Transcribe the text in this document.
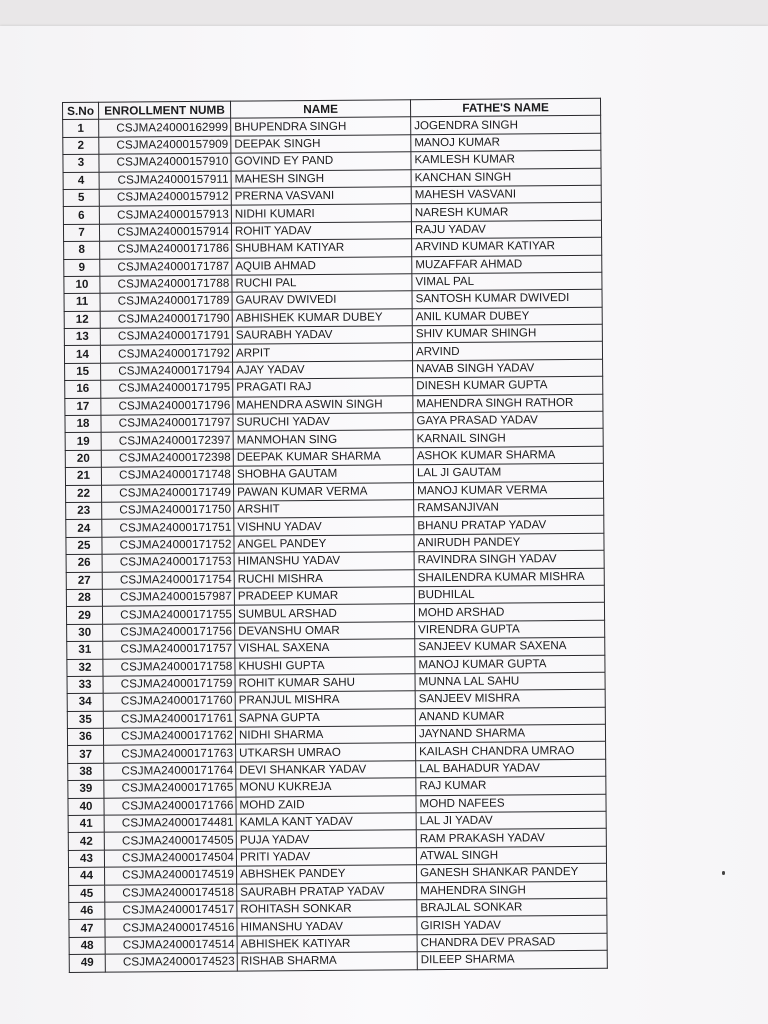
S.No	ENROLLMENT NUMB	NAME	FATHE'S NAME
1	CSJMA24000162999	BHUPENDRA SINGH	JOGENDRA SINGH
2	CSJMA24000157909	DEEPAK SINGH	MANOJ KUMAR
3	CSJMA24000157910	GOVIND EY PAND	KAMLESH KUMAR
4	CSJMA24000157911	MAHESH SINGH	KANCHAN SINGH
5	CSJMA24000157912	PRERNA VASVANI	MAHESH VASVANI
6	CSJMA24000157913	NIDHI KUMARI	NARESH KUMAR
7	CSJMA24000157914	ROHIT YADAV	RAJU YADAV
8	CSJMA24000171786	SHUBHAM KATIYAR	ARVIND KUMAR KATIYAR
9	CSJMA24000171787	AQUIB AHMAD	MUZAFFAR AHMAD
10	CSJMA24000171788	RUCHI PAL	VIMAL PAL
11	CSJMA24000171789	GAURAV DWIVEDI	SANTOSH KUMAR DWIVEDI
12	CSJMA24000171790	ABHISHEK KUMAR DUBEY	ANIL KUMAR DUBEY
13	CSJMA24000171791	SAURABH YADAV	SHIV KUMAR SHINGH
14	CSJMA24000171792	ARPIT	ARVIND
15	CSJMA24000171794	AJAY YADAV	NAVAB SINGH YADAV
16	CSJMA24000171795	PRAGATI RAJ	DINESH KUMAR GUPTA
17	CSJMA24000171796	MAHENDRA ASWIN SINGH	MAHENDRA SINGH RATHOR
18	CSJMA24000171797	SURUCHI YADAV	GAYA PRASAD YADAV
19	CSJMA24000172397	MANMOHAN SING	KARNAIL SINGH
20	CSJMA24000172398	DEEPAK KUMAR SHARMA	ASHOK KUMAR SHARMA
21	CSJMA24000171748	SHOBHA GAUTAM	LAL JI GAUTAM
22	CSJMA24000171749	PAWAN KUMAR VERMA	MANOJ KUMAR VERMA
23	CSJMA24000171750	ARSHIT	RAMSANJIVAN
24	CSJMA24000171751	VISHNU YADAV	BHANU PRATAP YADAV
25	CSJMA24000171752	ANGEL PANDEY	ANIRUDH PANDEY
26	CSJMA24000171753	HIMANSHU YADAV	RAVINDRA SINGH YADAV
27	CSJMA24000171754	RUCHI MISHRA	SHAILENDRA KUMAR MISHRA
28	CSJMA24000157987	PRADEEP KUMAR	BUDHILAL
29	CSJMA24000171755	SUMBUL ARSHAD	MOHD ARSHAD
30	CSJMA24000171756	DEVANSHU OMAR	VIRENDRA GUPTA
31	CSJMA24000171757	VISHAL SAXENA	SANJEEV KUMAR SAXENA
32	CSJMA24000171758	KHUSHI GUPTA	MANOJ KUMAR GUPTA
33	CSJMA24000171759	ROHIT KUMAR SAHU	MUNNA LAL SAHU
34	CSJMA24000171760	PRANJUL MISHRA	SANJEEV MISHRA
35	CSJMA24000171761	SAPNA GUPTA	ANAND KUMAR
36	CSJMA24000171762	NIDHI SHARMA	JAYNAND SHARMA
37	CSJMA24000171763	UTKARSH UMRAO	KAILASH CHANDRA UMRAO
38	CSJMA24000171764	DEVI SHANKAR YADAV	LAL BAHADUR YADAV
39	CSJMA24000171765	MONU KUKREJA	RAJ KUMAR
40	CSJMA24000171766	MOHD ZAID	MOHD NAFEES
41	CSJMA24000174481	KAMLA KANT YADAV	LAL JI YADAV
42	CSJMA24000174505	PUJA YADAV	RAM PRAKASH YADAV
43	CSJMA24000174504	PRITI YADAV	ATWAL SINGH
44	CSJMA24000174519	ABHSHEK PANDEY	GANESH SHANKAR PANDEY
45	CSJMA24000174518	SAURABH PRATAP YADAV	MAHENDRA SINGH
46	CSJMA24000174517	ROHITASH SONKAR	BRAJLAL SONKAR
47	CSJMA24000174516	HIMANSHU YADAV	GIRISH YADAV
48	CSJMA24000174514	ABHISHEK KATIYAR	CHANDRA DEV PRASAD
49	CSJMA24000174523	RISHAB SHARMA	DILEEP SHARMA
